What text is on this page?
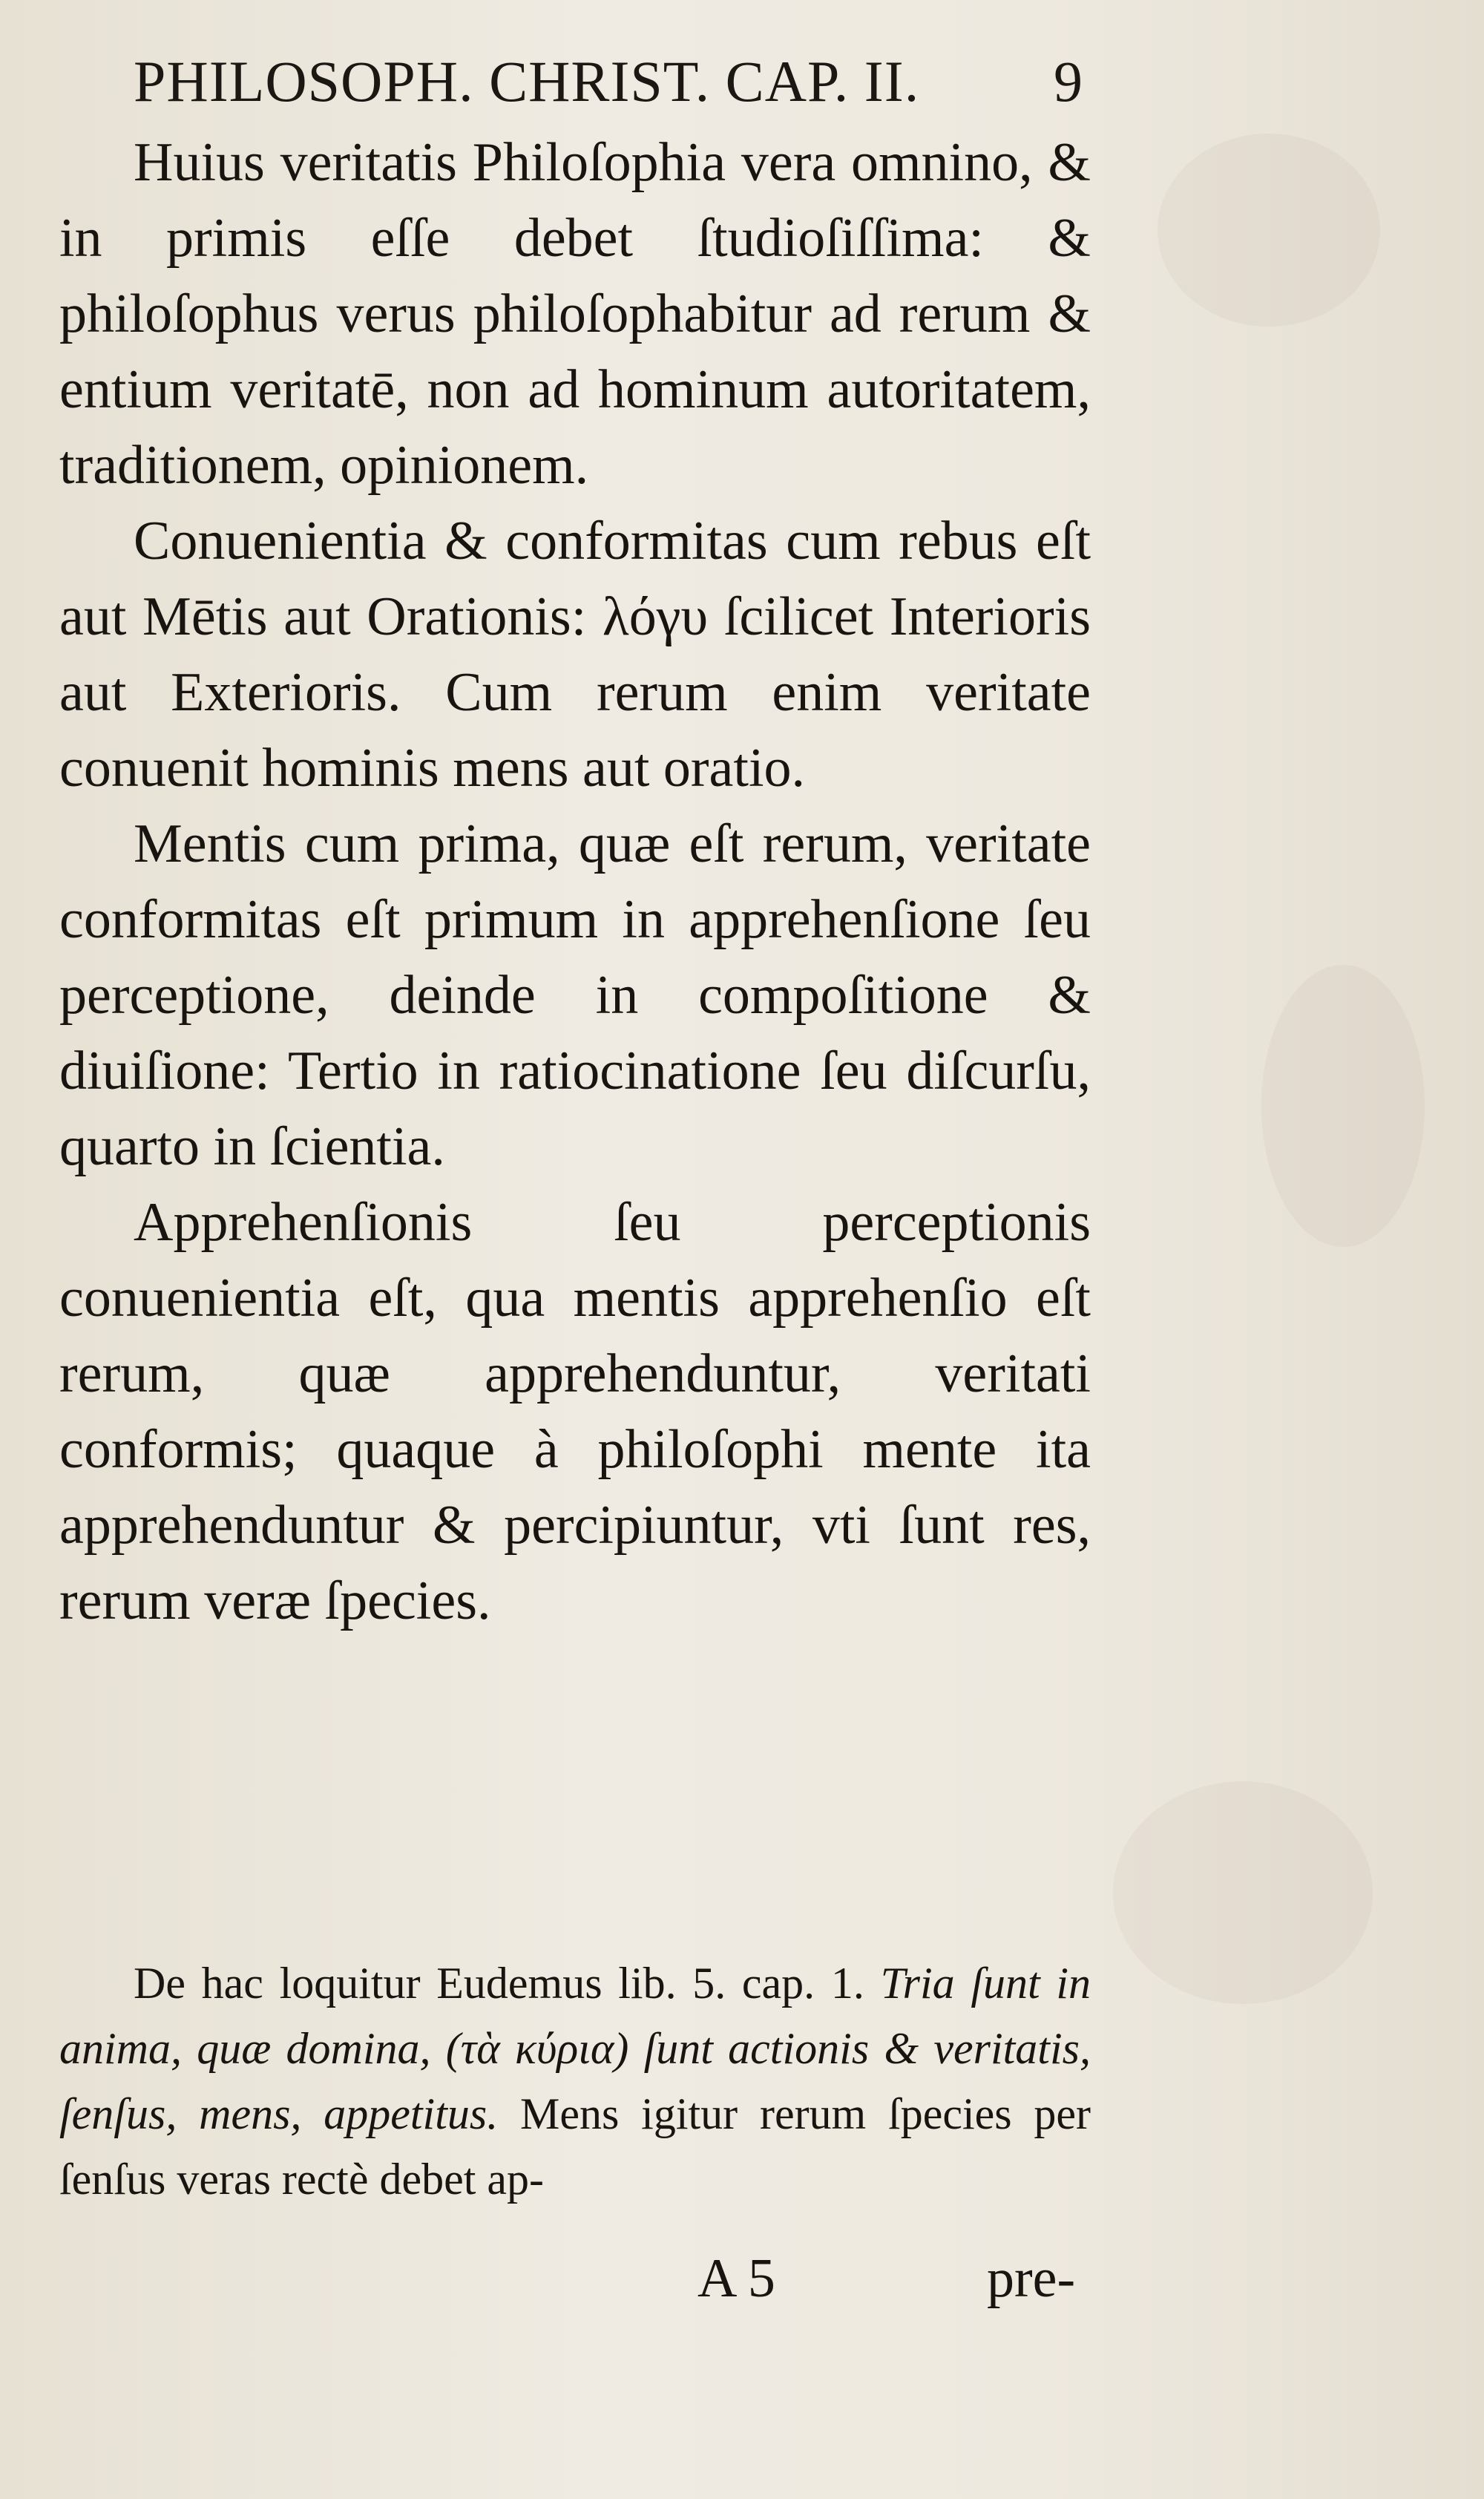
PHILOSOPH. CHRIST. CAP. II. 9

Huius veritatis Philoſophia vera omnino, & in primis eſſe debet ſtudioſiſſima: & philoſophus verus philoſophabitur ad rerum & entium veritatē, non ad hominum autoritatem, traditionem, opinionem.

Conuenientia & conformitas cum rebus eſt aut Mētis aut Orationis: λόγυ ſcilicet Interioris aut Exterioris. Cum rerum enim veritate conuenit hominis mens aut oratio.

Mentis cum prima, quæ eſt rerum, veritate conformitas eſt primum in apprehenſione ſeu perceptione, deinde in compoſitione & diuiſione: Tertio in ratiocinatione ſeu diſcurſu, quarto in ſcientia.

Apprehenſionis ſeu perceptionis conuenientia eſt, qua mentis apprehenſio eſt rerum, quæ apprehenduntur, veritati conformis; quaque à philoſophi mente ita apprehenduntur & percipiuntur, vti ſunt res, rerum veræ ſpecies.

De hac loquitur Eudemus lib. 5. cap. 1. Tria ſunt in anima, quæ domina, (τὰ κύρια) ſunt actionis & veritatis, ſenſus, mens, appetitus. Mens igitur rerum ſpecies per ſenſus veras rectè debet ap-

A 5	pre-
